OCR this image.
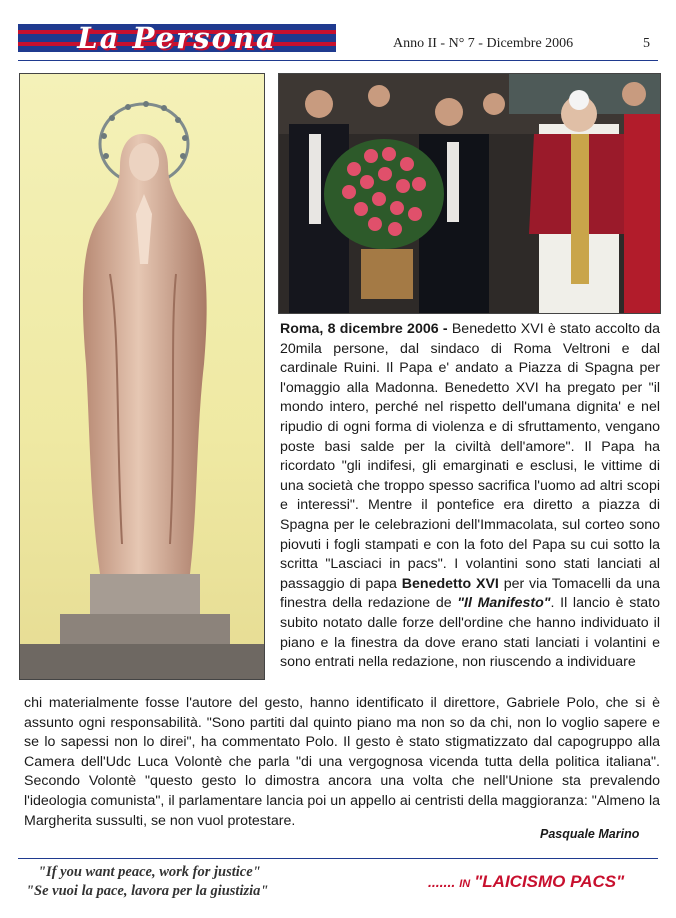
La Persona	Anno II - N° 7 - Dicembre 2006	5

Roma, 8 dicembre 2006 - Benedetto XVI è stato accolto da 20mila persone, dal sindaco di Roma Veltroni e dal cardinale Ruini. Il Papa e' andato a Piazza di Spagna per l'omaggio alla Madonna. Benedetto XVI ha pregato per "il mondo intero, perché nel rispetto dell'umana dignita' e nel ripudio di ogni forma di violenza e di sfruttamento, vengano poste basi salde per la civiltà dell'amore". Il Papa ha ricordato "gli indifesi, gli emarginati e esclusi, le vittime di una società che troppo spesso sacrifica l'uomo ad altri scopi e interessi". Mentre il pontefice era diretto a piazza di Spagna per le celebrazioni dell'Immacolata, sul corteo sono piovuti i fogli stampati e con la foto del Papa su cui sotto la scritta "Lasciaci in pacs". I volantini sono stati lanciati al passaggio di papa Benedetto XVI per via Tomacelli da una finestra della redazione de "Il Manifesto". Il lancio è stato subito notato dalle forze dell'ordine che hanno individuato il piano e la finestra da dove erano stati lanciati i volantini e sono entrati nella redazione, non riuscendo a individuare

chi materialmente fosse l'autore del gesto, hanno identificato il direttore, Gabriele Polo, che si è assunto ogni responsabilità. "Sono partiti dal quinto piano ma non so da chi, non lo voglio sapere e se lo sapessi non lo direi", ha commentato Polo. Il gesto è stato stigmatizzato dal capogruppo alla Camera dell'Udc Luca Volontè che parla "di una vergognosa vicenda tutta della politica italiana". Secondo Volontè "questo gesto lo dimostra ancora una volta che nell'Unione sta prevalendo l'ideologia comunista", il parlamentare lancia poi un appello ai centristi della maggioranza: "Almeno la Margherita sussulti, se non vuol protestare.

Pasquale Marino
"If you want peace, work for justice"
"Se vuoi la pace, lavora per la giustizia"
....... IN "LAICISMO PACS"
